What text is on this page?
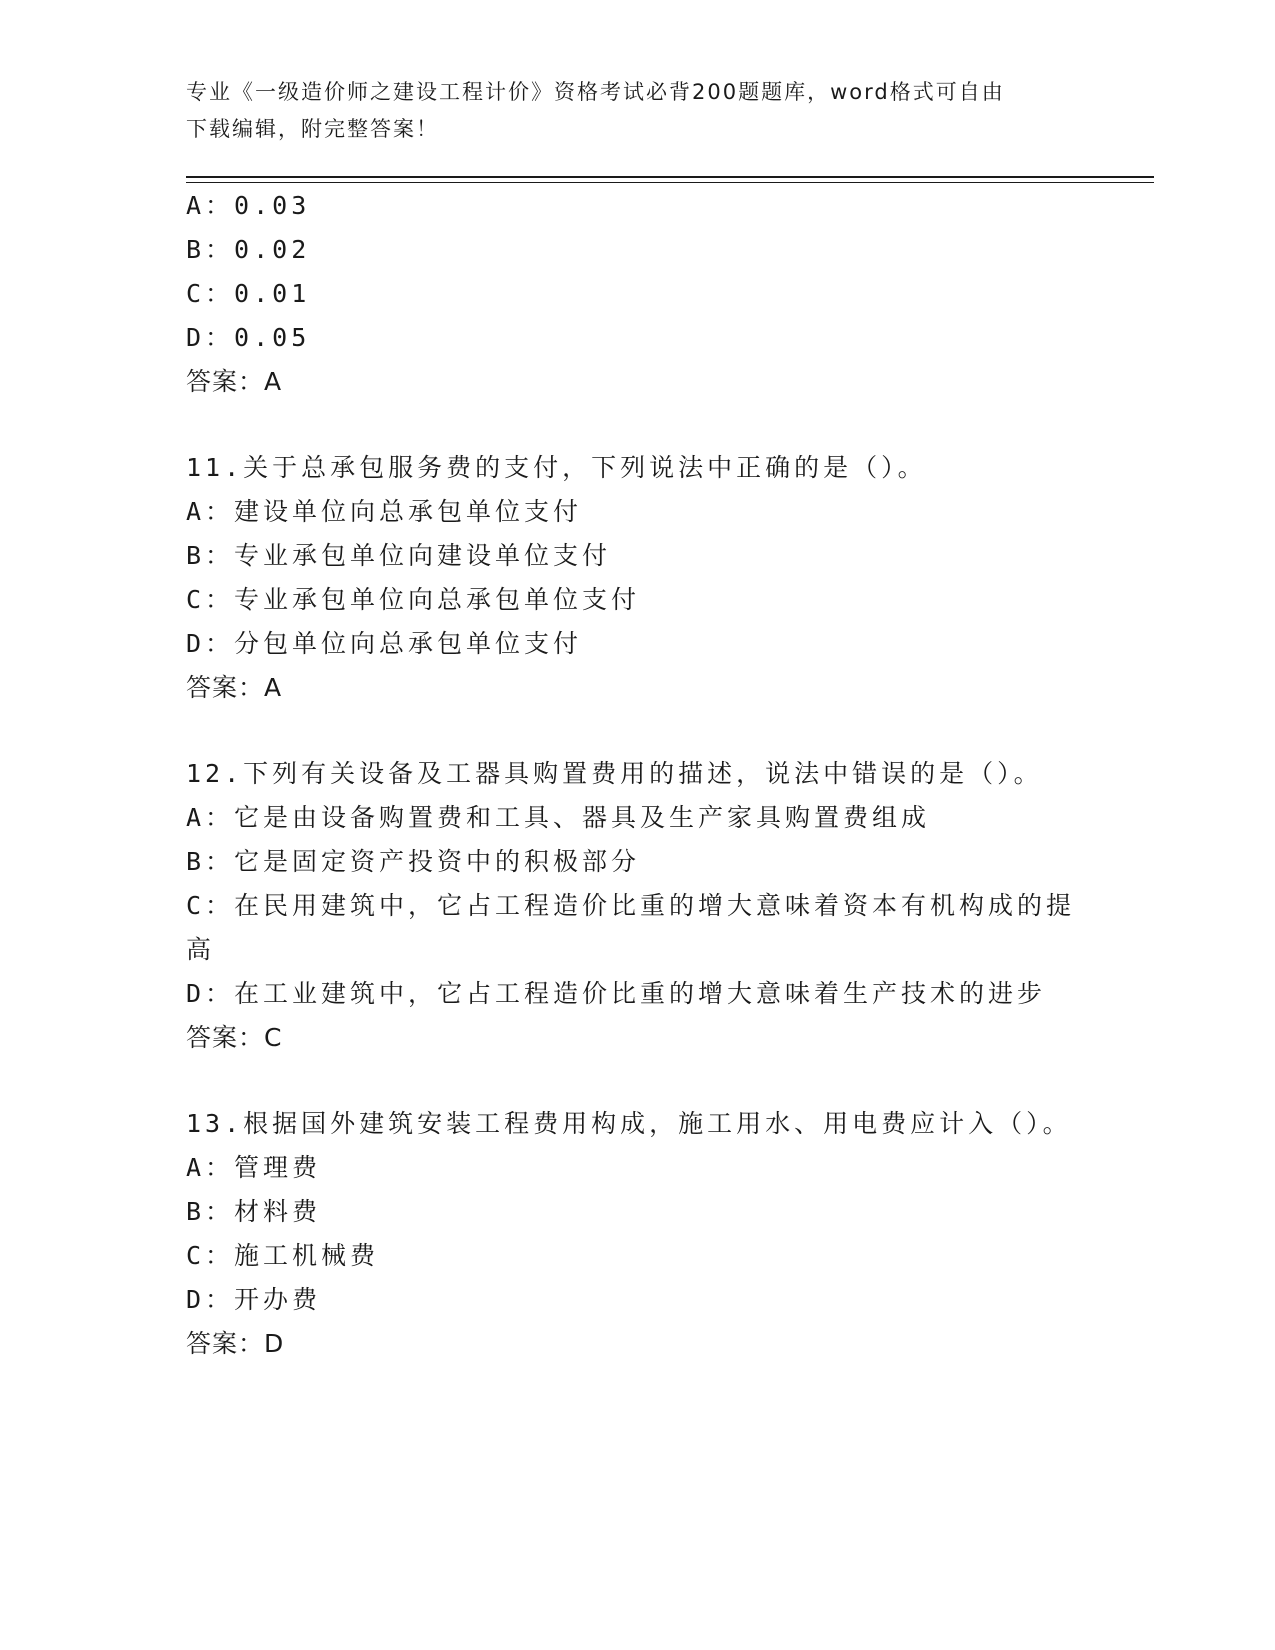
专业《一级造价师之建设工程计价》资格考试必背200题题库，word格式可自由
下载编辑，附完整答案！
A：0.03
B：0.02
C：0.01
D：0.05
答案：A
11.关于总承包服务费的支付，下列说法中正确的是（）。
A：建设单位向总承包单位支付
B：专业承包单位向建设单位支付
C：专业承包单位向总承包单位支付
D：分包单位向总承包单位支付
答案：A
12.下列有关设备及工器具购置费用的描述，说法中错误的是（）。
A：它是由设备购置费和工具、器具及生产家具购置费组成
B：它是固定资产投资中的积极部分
C：在民用建筑中，它占工程造价比重的增大意味着资本有机构成的提
高
D：在工业建筑中，它占工程造价比重的增大意味着生产技术的进步
答案：C
13.根据国外建筑安装工程费用构成，施工用水、用电费应计入（）。
A：管理费
B：材料费
C：施工机械费
D：开办费
答案：D
